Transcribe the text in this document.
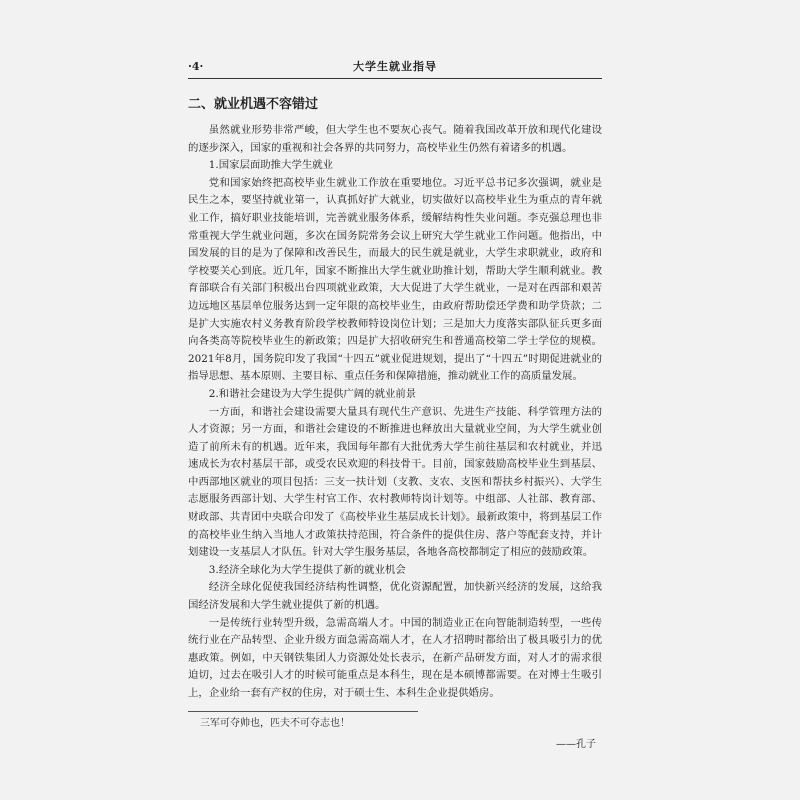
·4·	大学生就业指导
二、就业机遇不容错过

虽然就业形势非常严峻，但大学生也不要灰心丧气。随着我国改革开放和现代化建设的逐步深入，国家的重视和社会各界的共同努力，高校毕业生仍然有着诸多的机遇。

1.国家层面助推大学生就业

党和国家始终把高校毕业生就业工作放在重要地位。习近平总书记多次强调，就业是民生之本，要坚持就业第一，认真抓好扩大就业，切实做好以高校毕业生为重点的青年就业工作，搞好职业技能培训，完善就业服务体系，缓解结构性失业问题。李克强总理也非常重视大学生就业问题，多次在国务院常务会议上研究大学生就业工作问题。他指出，中国发展的目的是为了保障和改善民生，而最大的民生就是就业，大学生求职就业，政府和学校要关心到底。近几年，国家不断推出大学生就业助推计划，帮助大学生顺利就业。教育部联合有关部门积极出台四项就业政策，大大促进了大学生就业，一是对在西部和艰苦边远地区基层单位服务达到一定年限的高校毕业生，由政府帮助偿还学费和助学贷款；二是扩大实施农村义务教育阶段学校教师特设岗位计划；三是加大力度落实部队征兵更多面向各类高等院校毕业生的新政策；四是扩大招收研究生和普通高校第二学士学位的规模。2021年8月，国务院印发了我国“十四五”就业促进规划，提出了“十四五”时期促进就业的指导思想、基本原则、主要目标、重点任务和保障措施，推动就业工作的高质量发展。

2.和谐社会建设为大学生提供广阔的就业前景

一方面，和谐社会建设需要大量具有现代生产意识、先进生产技能、科学管理方法的人才资源；另一方面，和谐社会建设的不断推进也释放出大量就业空间，为大学生就业创造了前所未有的机遇。近年来，我国每年都有大批优秀大学生前往基层和农村就业，并迅速成长为农村基层干部，或受农民欢迎的科技骨干。目前，国家鼓励高校毕业生到基层、中西部地区就业的项目包括：三支一扶计划（支教、支农、支医和帮扶乡村振兴）、大学生志愿服务西部计划、大学生村官工作、农村教师特岗计划等。中组部、人社部、教育部、财政部、共青团中央联合印发了《高校毕业生基层成长计划》。最新政策中，将到基层工作的高校毕业生纳入当地人才政策扶持范围，符合条件的提供住房、落户等配套支持，并计划建设一支基层人才队伍。针对大学生服务基层，各地各高校都制定了相应的鼓励政策。

3.经济全球化为大学生提供了新的就业机会

经济全球化促使我国经济结构性调整，优化资源配置，加快新兴经济的发展，这给我国经济发展和大学生就业提供了新的机遇。

一是传统行业转型升级，急需高端人才。中国的制造业正在向智能制造转型，一些传统行业在产品转型、企业升级方面急需高端人才，在人才招聘时都给出了极具吸引力的优惠政策。例如，中天钢铁集团人力资源处处长表示，在新产品研发方面，对人才的需求很迫切，过去在吸引人才的时候可能重点是本科生，现在是本硕博都需要。在对博士生吸引上，企业给一套有产权的住房，对于硕士生、本科生企业提供婚房。

三军可夺帅也，匹夫不可夺志也！
——孔子
